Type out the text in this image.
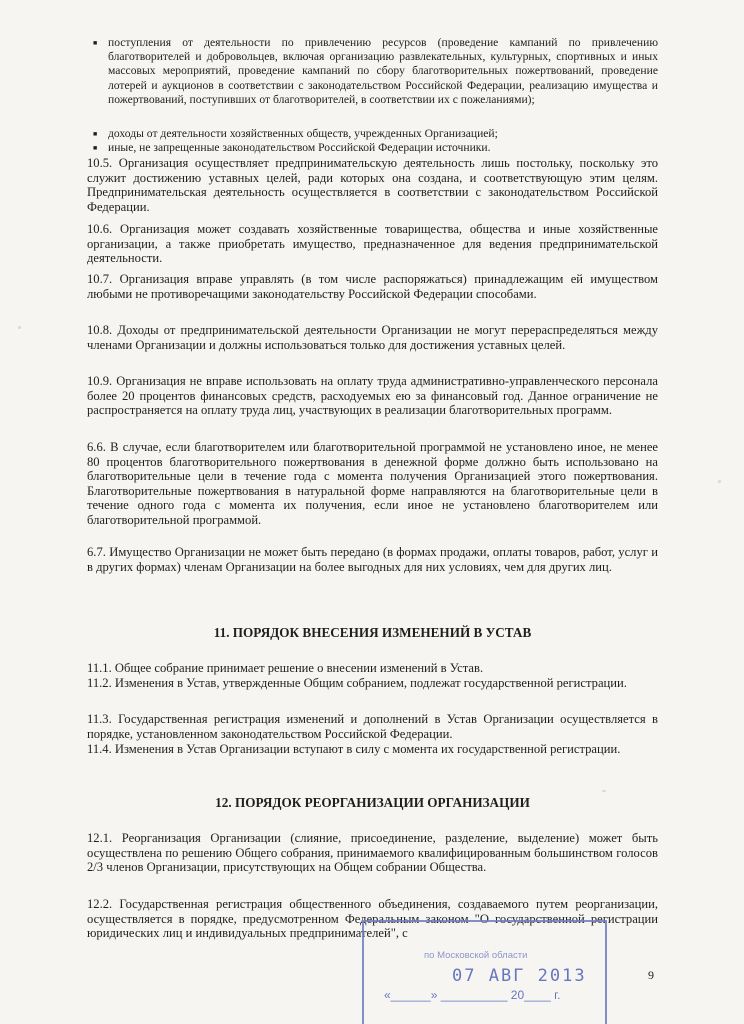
■ поступления от деятельности по привлечению ресурсов (проведение кампаний по привлечению благотворителей и добровольцев, включая организацию развлекательных, культурных, спортивных и иных массовых мероприятий, проведение кампаний по сбору благотворительных пожертвований, проведение лотерей и аукционов в соответствии с законодательством Российской Федерации, реализацию имущества и пожертвований, поступивших от благотворителей, в соответствии их с пожеланиями);
■ доходы от деятельности хозяйственных обществ, учрежденных Организацией;
■ иные, не запрещенные законодательством Российской Федерации источники.

10.5. Организация осуществляет предпринимательскую деятельность лишь постольку, поскольку это служит достижению уставных целей, ради которых она создана, и соответствующую этим целям. Предпринимательская деятельность осуществляется в соответствии с законодательством Российской Федерации.

10.6. Организация может создавать хозяйственные товарищества, общества и иные хозяйственные организации, а также приобретать имущество, предназначенное для ведения предпринимательской деятельности.

10.7. Организация вправе управлять (в том числе распоряжаться) принадлежащим ей имуществом любыми не противоречащими законодательству Российской Федерации способами.

10.8. Доходы от предпринимательской деятельности Организации не могут перераспределяться между членами Организации и должны использоваться только для достижения уставных целей.

10.9. Организация не вправе использовать на оплату труда административно-управленческого персонала более 20 процентов финансовых средств, расходуемых ею за финансовый год. Данное ограничение не распространяется на оплату труда лиц, участвующих в реализации благотворительных программ.

6.6. В случае, если благотворителем или благотворительной программой не установлено иное, не менее 80 процентов благотворительного пожертвования в денежной форме должно быть использовано на благотворительные цели в течение года с момента получения Организацией этого пожертвования. Благотворительные пожертвования в натуральной форме направляются на благотворительные цели в течение одного года с момента их получения, если иное не установлено благотворителем или благотворительной программой.

6.7. Имущество Организации не может быть передано (в формах продажи, оплаты товаров, работ, услуг и в других формах) членам Организации на более выгодных для них условиях, чем для других лиц.

11. ПОРЯДОК ВНЕСЕНИЯ ИЗМЕНЕНИЙ В УСТАВ

11.1. Общее собрание принимает решение о внесении изменений в Устав.

11.2. Изменения в Устав, утвержденные Общим собранием, подлежат государственной регистрации.

11.3. Государственная регистрация изменений и дополнений в Устав Организации осуществляется в порядке, установленном законодательством Российской Федерации.

11.4. Изменения в Устав Организации вступают в силу с момента их государственной регистрации.

12. ПОРЯДОК РЕОРГАНИЗАЦИИ ОРГАНИЗАЦИИ

12.1. Реорганизация Организации (слияние, присоединение, разделение, выделение) может быть осуществлена по решению Общего собрания, принимаемого квалифицированным большинством голосов 2/3 членов Организации, присутствующих на Общем собрании Общества.

12.2. Государственная регистрация общественного объединения, создаваемого путем реорганизации, осуществляется в порядке, предусмотренном Федеральным законом "О государственной регистрации юридических лиц и индивидуальных предпринимателей", с

по Московской области
07 АВГ 2013
«______» __________ 20____ г.
9
